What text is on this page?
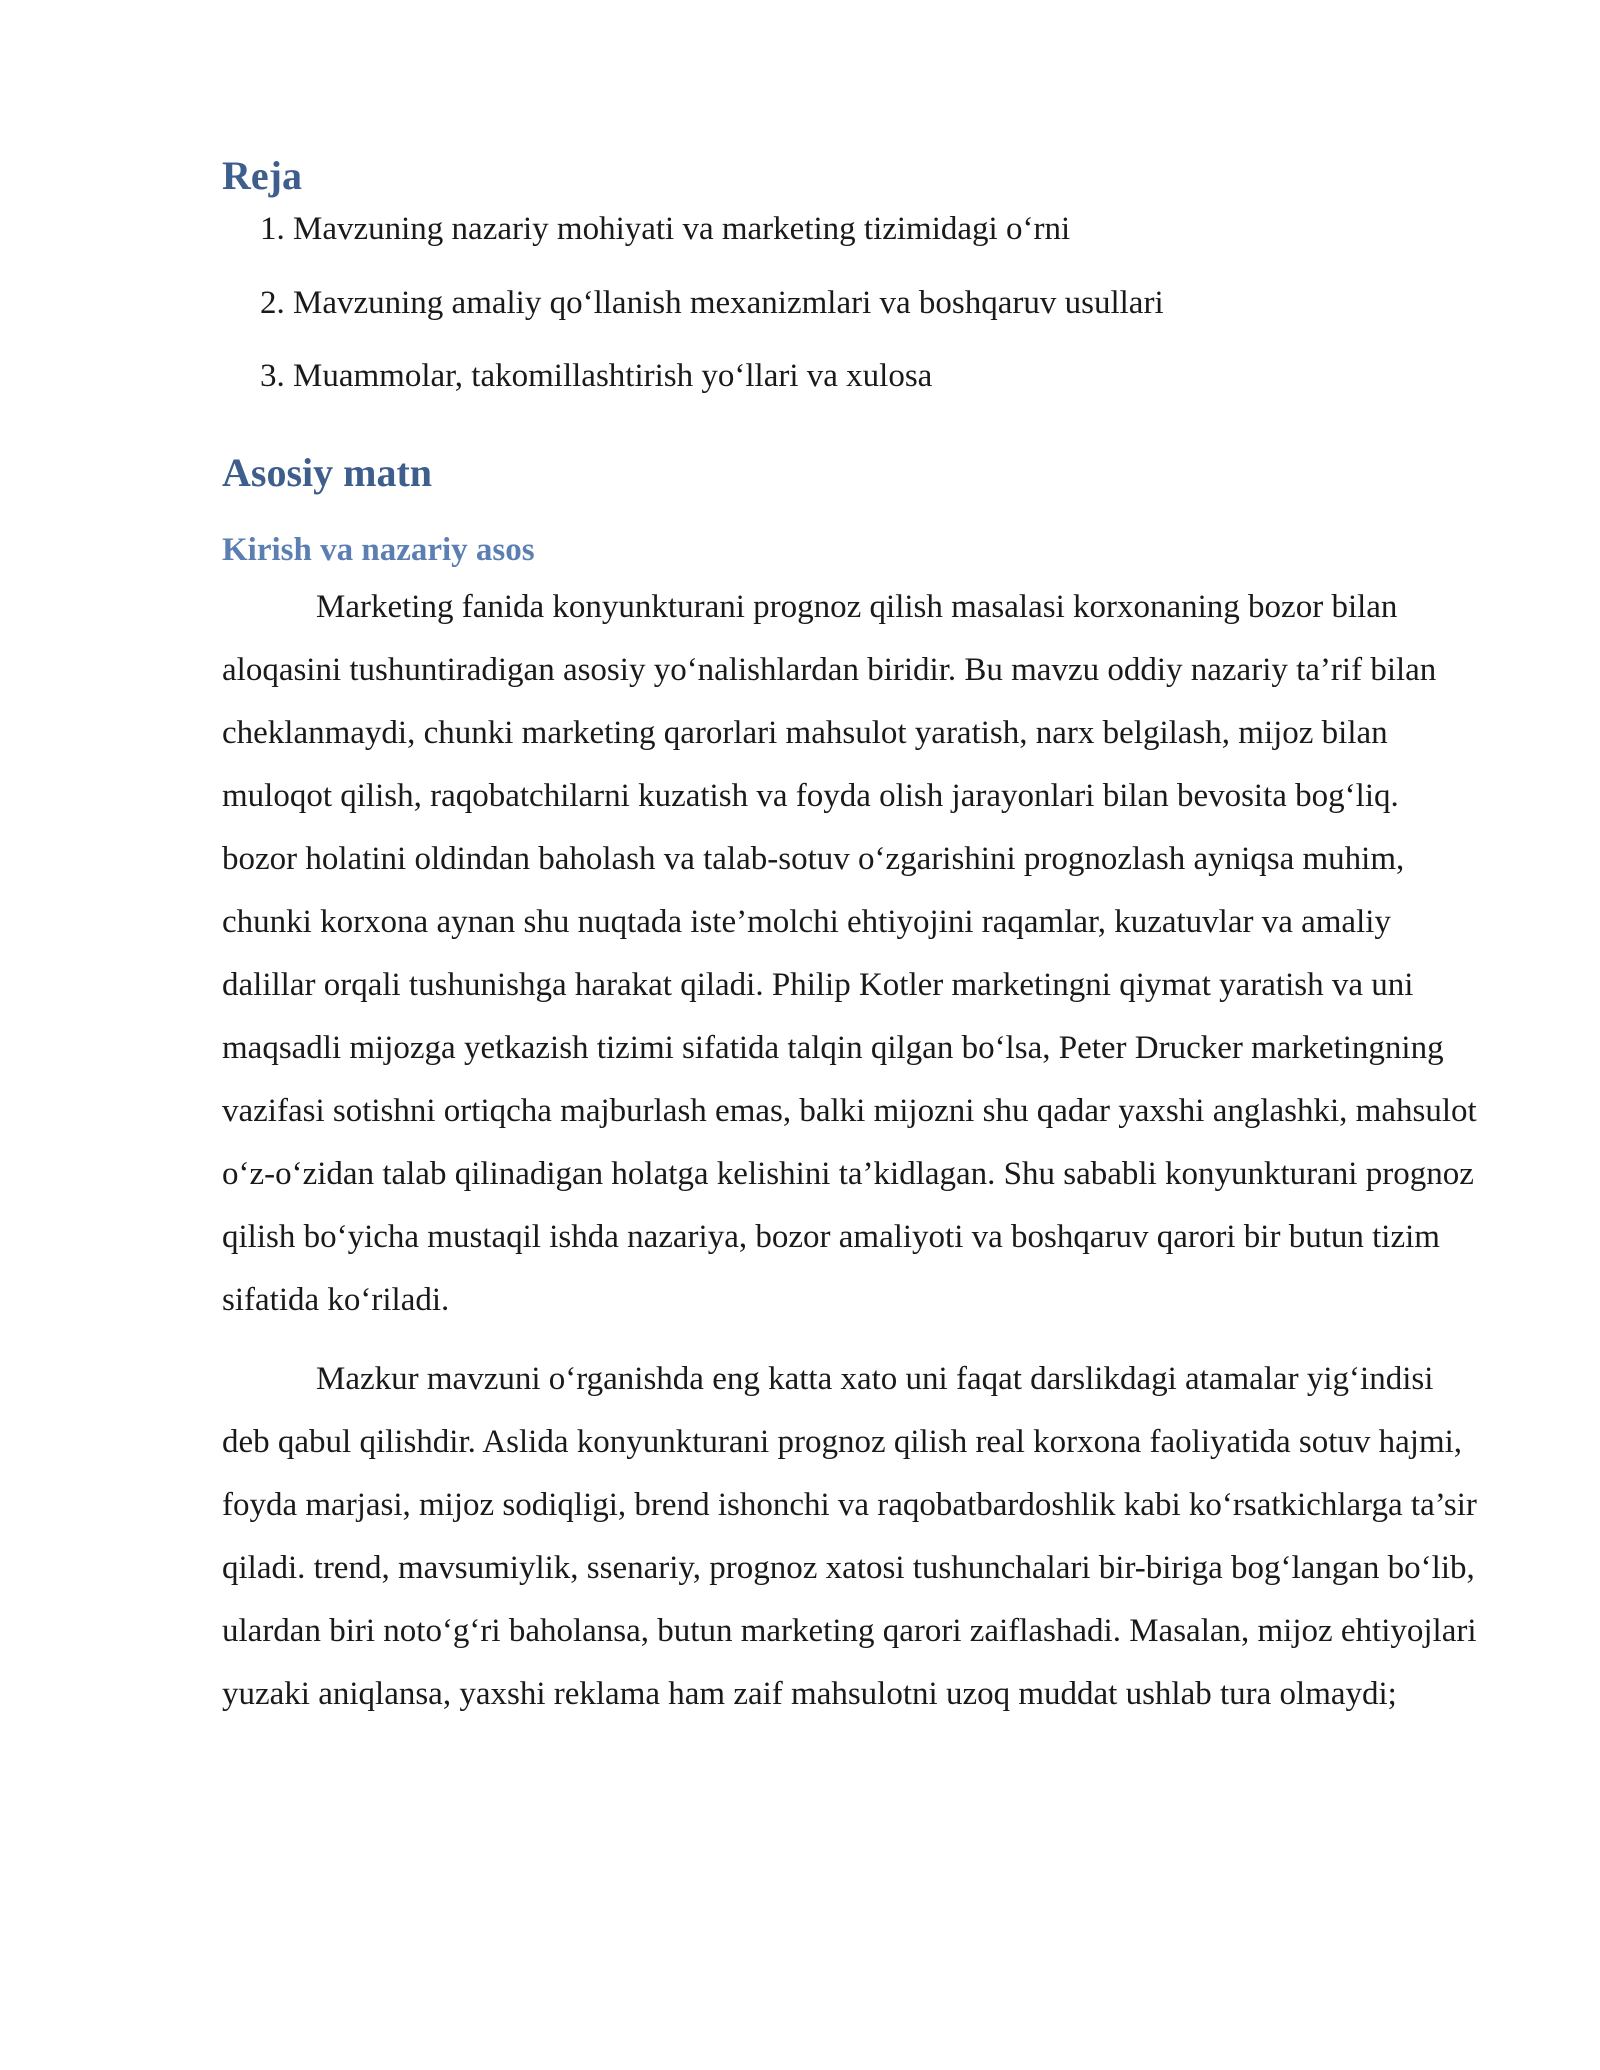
Reja
1. Mavzuning nazariy mohiyati va marketing tizimidagi o‘rni
2. Mavzuning amaliy qo‘llanish mexanizmlari va boshqaruv usullari
3. Muammolar, takomillashtirish yo‘llari va xulosa
Asosiy matn
Kirish va nazariy asos

Marketing fanida konyunkturani prognoz qilish masalasi korxonaning bozor bilan aloqasini tushuntiradigan asosiy yo‘nalishlardan biridir. Bu mavzu oddiy nazariy ta’rif bilan cheklanmaydi, chunki marketing qarorlari mahsulot yaratish, narx belgilash, mijoz bilan muloqot qilish, raqobatchilarni kuzatish va foyda olish jarayonlari bilan bevosita bog‘liq. bozor holatini oldindan baholash va talab-sotuv o‘zgarishini prognozlash ayniqsa muhim, chunki korxona aynan shu nuqtada iste’molchi ehtiyojini raqamlar, kuzatuvlar va amaliy dalillar orqali tushunishga harakat qiladi. Philip Kotler marketingni qiymat yaratish va uni maqsadli mijozga yetkazish tizimi sifatida talqin qilgan bo‘lsa, Peter Drucker marketingning vazifasi sotishni ortiqcha majburlash emas, balki mijozni shu qadar yaxshi anglashki, mahsulot o‘z-o‘zidan talab qilinadigan holatga kelishini ta’kidlagan. Shu sababli konyunkturani prognoz qilish bo‘yicha mustaqil ishda nazariya, bozor amaliyoti va boshqaruv qarori bir butun tizim sifatida ko‘riladi.

Mazkur mavzuni o‘rganishda eng katta xato uni faqat darslikdagi atamalar yig‘indisi deb qabul qilishdir. Aslida konyunkturani prognoz qilish real korxona faoliyatida sotuv hajmi, foyda marjasi, mijoz sodiqligi, brend ishonchi va raqobatbardoshlik kabi ko‘rsatkichlarga ta’sir qiladi. trend, mavsumiylik, ssenariy, prognoz xatosi tushunchalari bir-biriga bog‘langan bo‘lib, ulardan biri noto‘g‘ri baholansa, butun marketing qarori zaiflashadi. Masalan, mijoz ehtiyojlari yuzaki aniqlansa, yaxshi reklama ham zaif mahsulotni uzoq muddat ushlab tura olmaydi;
